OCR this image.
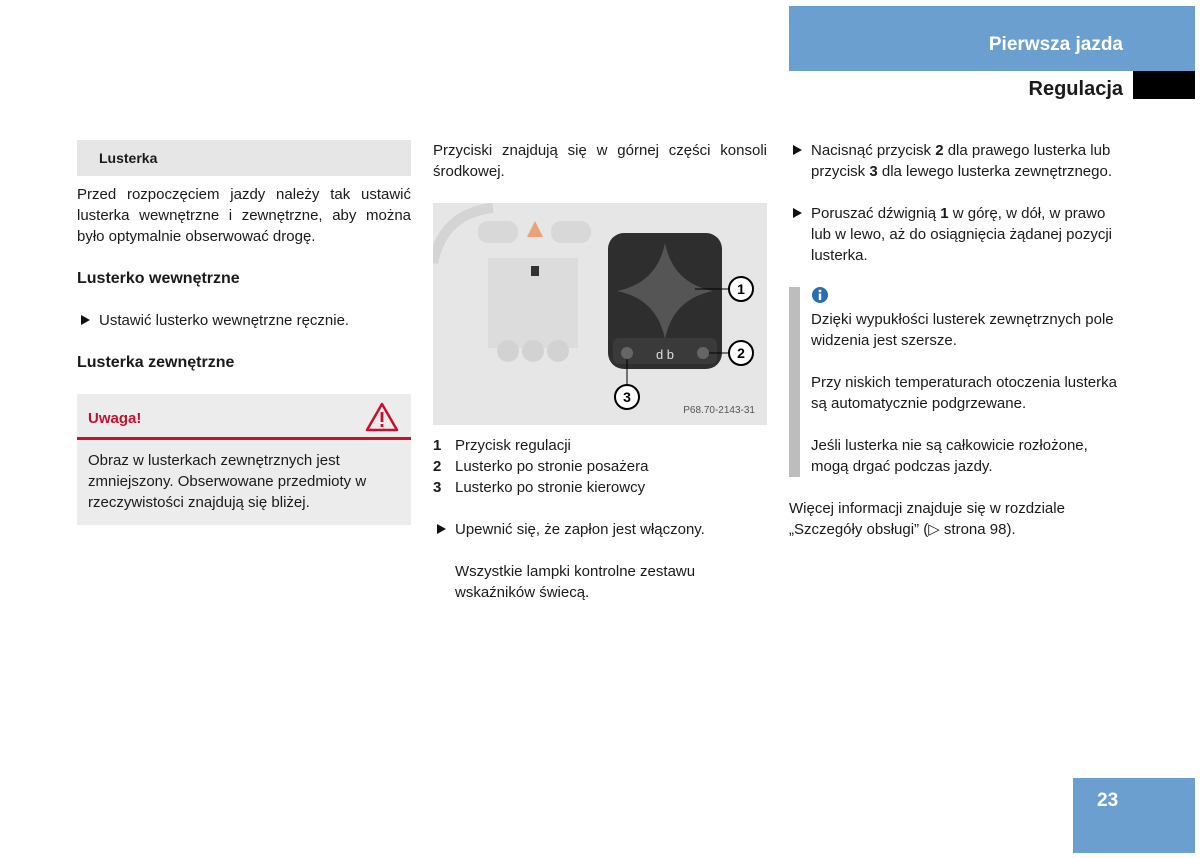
Pierwsza jazda
Regulacja
Lusterka

Przed rozpoczęciem jazdy należy tak ustawić lusterka wewnętrzne i zewnętrzne, aby można było optymalnie obserwować drogę.

Lusterko wewnętrzne

Ustawić lusterko wewnętrzne ręcznie.

Lusterka zewnętrzne
Uwaga!
Obraz w lusterkach zewnętrznych jest zmniejszony. Obserwowane przedmioty w rzeczywistości znajdują się bliżej.

Przyciski znajdują się w górnej części konsoli środkowej.

d b
1
2
3
P68.70-2143-31
1 Przycisk regulacji
2 Lusterko po stronie posażera
3 Lusterko po stronie kierowcy

Upewnić się, że zapłon jest włączony.

Wszystkie lampki kontrolne zestawu wskaźników świecą.

Nacisnąć przycisk 2 dla prawego lusterka lub przycisk 3 dla lewego lusterka zewnętrznego.

Poruszać dźwignią 1 w górę, w dół, w prawo lub w lewo, aż do osiągnięcia żądanej pozycji lusterka.

Dzięki wypukłości lusterek zewnętrznych pole widzenia jest szersze.

Przy niskich temperaturach otoczenia lusterka są automatycznie podgrzewane.

Jeśli lusterka nie są całkowicie rozłożone, mogą drgać podczas jazdy.

Więcej informacji znajduje się w rozdziale „Szczegóły obsługi” (▷ strona 98).

23
